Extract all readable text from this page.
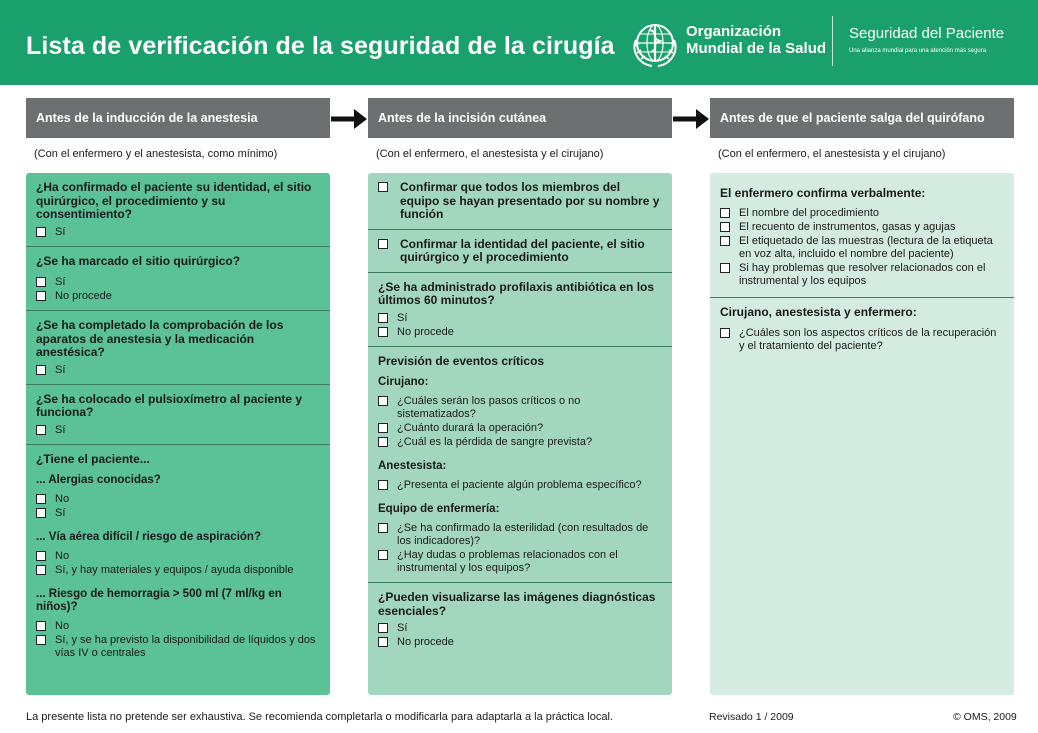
Lista de verificación de la seguridad de la cirugía
Organización
Mundial de la Salud
Seguridad del Paciente
Una alianza mundial para una atención más segura
Antes de la inducción de la anestesia	Antes de la incisión cutánea	Antes de que el paciente salga del quirófano
(Con el enfermero y el anestesista, como mínimo)	(Con el enfermero, el anestesista y el cirujano)	(Con el enfermero, el anestesista y el cirujano)
¿Ha confirmado el paciente su identidad, el sitio quirúrgico, el procedimiento y su consentimiento?
Sí
¿Se ha marcado el sitio quirúrgico?
Sí
No procede
¿Se ha completado la comprobación de los aparatos de anestesia y la medicación anestésica?
Sí
¿Se ha colocado el pulsioxímetro al paciente y funciona?
Sí
¿Tiene el paciente...
... Alergias conocidas?
No
Sí
... Vía aérea difícil / riesgo de aspiración?
No
Sí, y hay materiales y equipos / ayuda disponible
... Riesgo de hemorragia > 500 ml (7 ml/kg en niños)?
No
Sí, y se ha previsto la disponibilidad de líquidos y dos vías IV o centrales
Confirmar que todos los miembros del equipo se hayan presentado por su nombre y función
Confirmar la identidad del paciente, el sitio quirúrgico y el procedimiento
¿Se ha administrado profilaxis antibiótica en los últimos 60 minutos?
Sí
No procede
Previsión de eventos críticos
Cirujano:
¿Cuáles serán los pasos críticos o no sistematizados?
¿Cuánto durará la operación?
¿Cuál es la pérdida de sangre prevista?
Anestesista:
¿Presenta el paciente algún problema específico?
Equipo de enfermería:
¿Se ha confirmado la esterilidad (con resultados de los indicadores)?
¿Hay dudas o problemas relacionados con el instrumental y los equipos?
¿Pueden visualizarse las imágenes diagnósticas esenciales?
Sí
No procede
El enfermero confirma verbalmente:
El nombre del procedimiento
El recuento de instrumentos, gasas y agujas
El etiquetado de las muestras (lectura de la etiqueta en voz alta, incluido el nombre del paciente)
Si hay problemas que resolver relacionados con el instrumental y los equipos
Cirujano, anestesista y enfermero:
¿Cuáles son los aspectos críticos de la recuperación y el tratamiento del paciente?
La presente lista no pretende ser exhaustiva. Se recomienda completarla o modificarla para adaptarla a la práctica local.	Revisado 1 / 2009	© OMS, 2009
